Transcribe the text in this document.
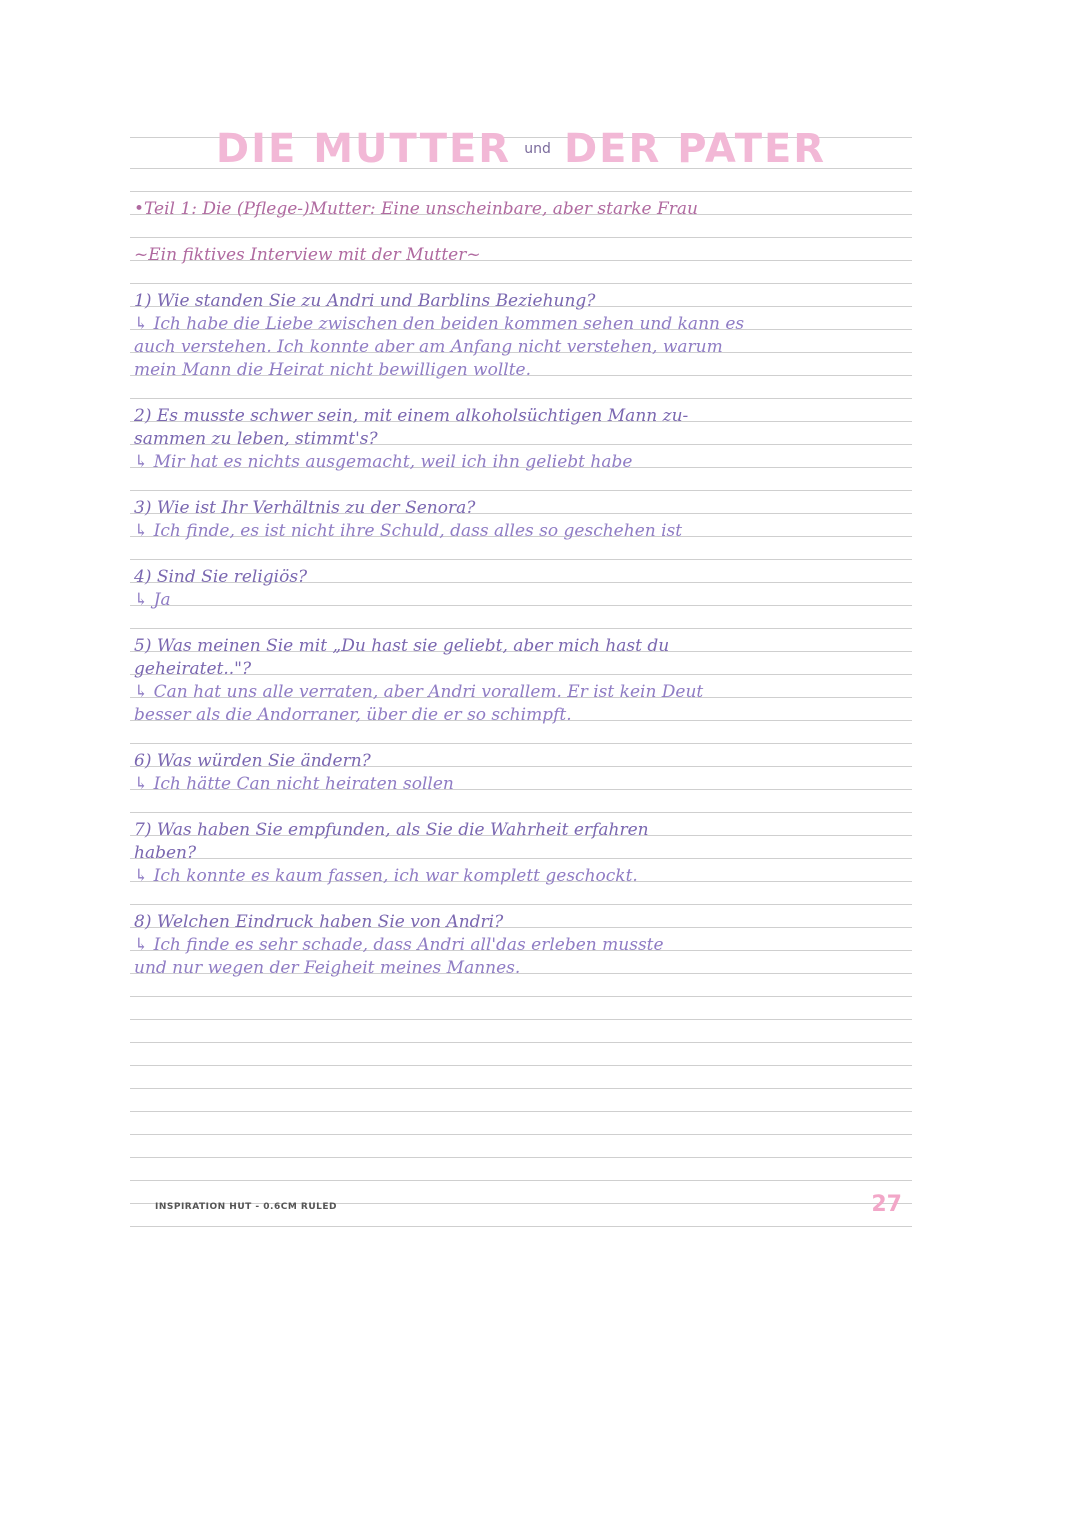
DIE MUTTER und DER PATER
•Teil 1: Die (Pflege-)Mutter: Eine unscheinbare, aber starke Frau
~Ein fiktives Interview mit der Mutter~
1) Wie standen Sie zu Andri und Barblins Beziehung?
↳ Ich habe die Liebe zwischen den beiden kommen sehen und kann es
auch verstehen. Ich konnte aber am Anfang nicht verstehen, warum
mein Mann die Heirat nicht bewilligen wollte.
2) Es musste schwer sein, mit einem alkoholsüchtigen Mann zu-
sammen zu leben, stimmt's?
↳ Mir hat es nichts ausgemacht, weil ich ihn geliebt habe
3) Wie ist Ihr Verhältnis zu der Senora?
↳ Ich finde, es ist nicht ihre Schuld, dass alles so geschehen ist
4) Sind Sie religiös?
↳ Ja
5) Was meinen Sie mit „Du hast sie geliebt, aber mich hast du
geheiratet.."?
↳ Can hat uns alle verraten, aber Andri vorallem. Er ist kein Deut
besser als die Andorraner, über die er so schimpft.
6) Was würden Sie ändern?
↳ Ich hätte Can nicht heiraten sollen
7) Was haben Sie empfunden, als Sie die Wahrheit erfahren
haben?
↳ Ich konnte es kaum fassen, ich war komplett geschockt.
8) Welchen Eindruck haben Sie von Andri?
↳ Ich finde es sehr schade, dass Andri all'das erleben musste
und nur wegen der Feigheit meines Mannes.
INSPIRATION HUT - 0.6CM RULED	27
